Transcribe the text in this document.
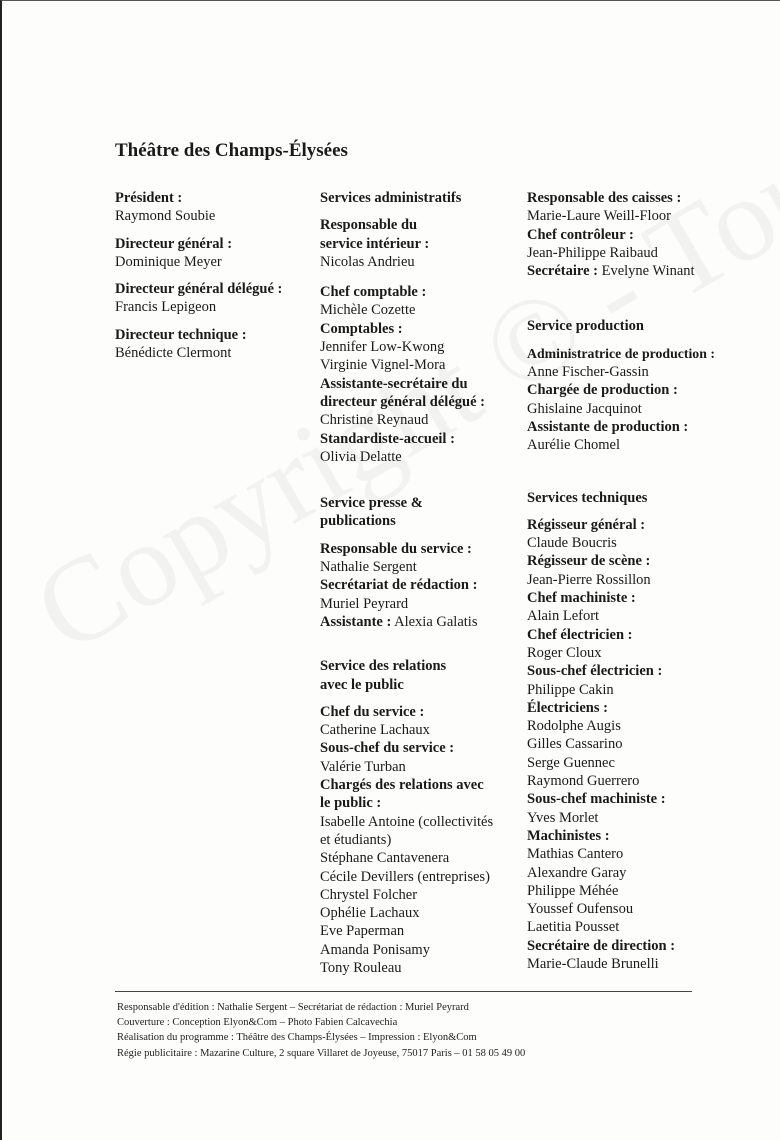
Théâtre des Champs-Élysées
Président :
Raymond Soubie
Directeur général :
Dominique Meyer
Directeur général délégué :
Francis Lepigeon
Directeur technique :
Bénédicte Clermont
Services administratifs
Responsable du
service intérieur :
Nicolas Andrieu
Chef comptable :
Michèle Cozette
Comptables :
Jennifer Low-Kwong
Virginie Vignel-Mora
Assistante-secrétaire du
directeur général délégué :
Christine Reynaud
Standardiste-accueil :
Olivia Delatte
Service presse &
publications
Responsable du service :
Nathalie Sergent
Secrétariat de rédaction :
Muriel Peyrard
Assistante : Alexia Galatis
Service des relations
avec le public
Chef du service :
Catherine Lachaux
Sous-chef du service :
Valérie Turban
Chargés des relations avec
le public :
Isabelle Antoine (collectivités
et étudiants)
Stéphane Cantavenera
Cécile Devillers (entreprises)
Chrystel Folcher
Ophélie Lachaux
Eve Paperman
Amanda Ponisamy
Tony Rouleau
Responsable des caisses :
Marie-Laure Weill-Floor
Chef contrôleur :
Jean-Philippe Raibaud
Secrétaire : Evelyne Winant
Service production
Administratrice de production :
Anne Fischer-Gassin
Chargée de production :
Ghislaine Jacquinot
Assistante de production :
Aurélie Chomel
Services techniques
Régisseur général :
Claude Boucris
Régisseur de scène :
Jean-Pierre Rossillon
Chef machiniste :
Alain Lefort
Chef électricien :
Roger Cloux
Sous-chef électricien :
Philippe Cakin
Électriciens :
Rodolphe Augis
Gilles Cassarino
Serge Guennec
Raymond Guerrero
Sous-chef machiniste :
Yves Morlet
Machinistes :
Mathias Cantero
Alexandre Garay
Philippe Méhée
Youssef Oufensou
Laetitia Pousset
Secrétaire de direction :
Marie-Claude Brunelli
Responsable d'édition : Nathalie Sergent – Secrétariat de rédaction : Muriel Peyrard
Couverture : Conception Elyon&Com – Photo Fabien Calcavechia
Réalisation du programme : Théâtre des Champs-Élysées – Impression : Elyon&Com
Régie publicitaire : Mazarine Culture, 2 square Villaret de Joyeuse, 75017 Paris – 01 58 05 49 00
